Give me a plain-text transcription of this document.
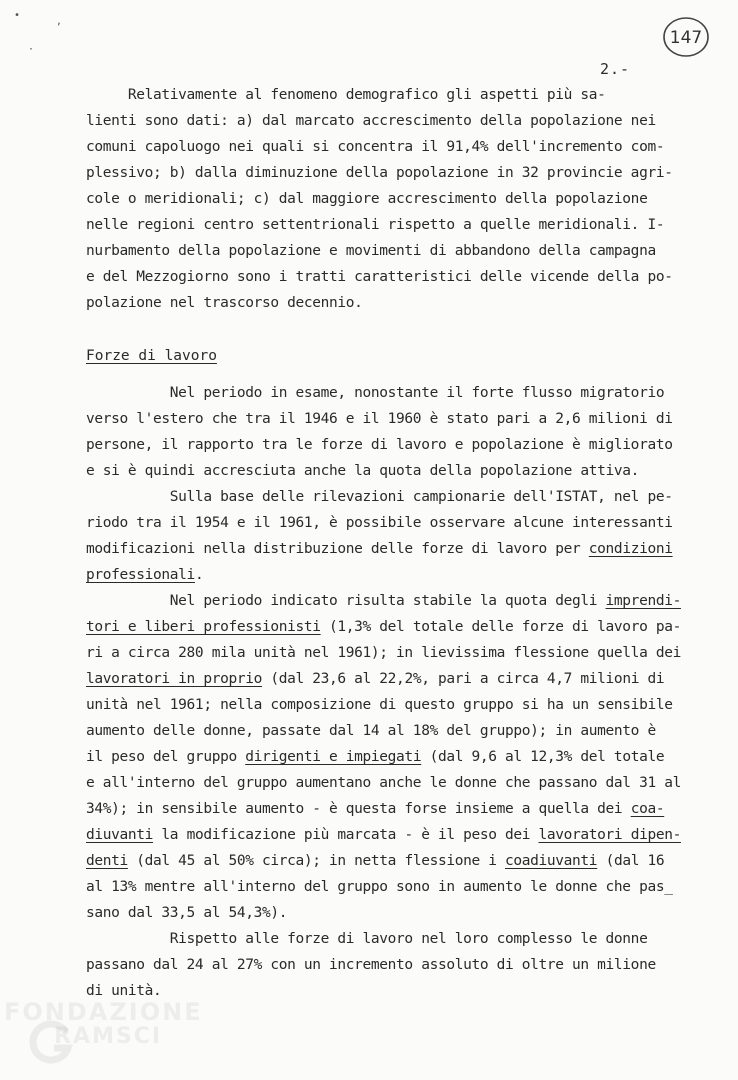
•
,
·
147
2.-
Relativamente al fenomeno demografico gli aspetti più sa-
lienti sono dati: a) dal marcato accrescimento della popolazione nei
comuni capoluogo nei quali si concentra il 91,4% dell'incremento com-
plessivo; b) dalla diminuzione della popolazione in 32 provincie agri-
cole o meridionali; c) dal maggiore accrescimento della popolazione
nelle regioni centro settentrionali rispetto a quelle meridionali. I-
nurbamento della popolazione e movimenti di abbandono della campagna
e del Mezzogiorno sono i tratti caratteristici delle vicende della po-
polazione nel trascorso decennio.
Forze di lavoro
Nel periodo in esame, nonostante il forte flusso migratorio
verso l'estero che tra il 1946 e il 1960 è stato pari a 2,6 milioni di
persone, il rapporto tra le forze di lavoro e popolazione è migliorato
e si è quindi accresciuta anche la quota della popolazione attiva.
Sulla base delle rilevazioni campionarie dell'ISTAT, nel pe-
riodo tra il 1954 e il 1961, è possibile osservare alcune interessanti
modificazioni nella distribuzione delle forze di lavoro per condizioni
professionali.
Nel periodo indicato risulta stabile la quota degli imprendi-
tori e liberi professionisti (1,3% del totale delle forze di lavoro pa-
ri a circa 280 mila unità nel 1961); in lievissima flessione quella dei
lavoratori in proprio (dal 23,6 al 22,2%, pari a circa 4,7 milioni di
unità nel 1961; nella composizione di questo gruppo si ha un sensibile
aumento delle donne, passate dal 14 al 18% del gruppo); in aumento è
il peso del gruppo dirigenti e impiegati (dal 9,6 al 12,3% del totale
e all'interno del gruppo aumentano anche le donne che passano dal 31 al
34%); in sensibile aumento - è questa forse insieme a quella dei coa-
diuvanti la modificazione più marcata - è il peso dei lavoratori dipen-
denti (dal 45 al 50% circa); in netta flessione i coadiuvanti (dal 16
al 13% mentre all'interno del gruppo sono in aumento le donne che pas_
sano dal 33,5 al 54,3%).
Rispetto alle forze di lavoro nel loro complesso le donne
passano dal 24 al 27% con un incremento assoluto di oltre un milione
di unità.
FONDAZIONE
RAMSCI
